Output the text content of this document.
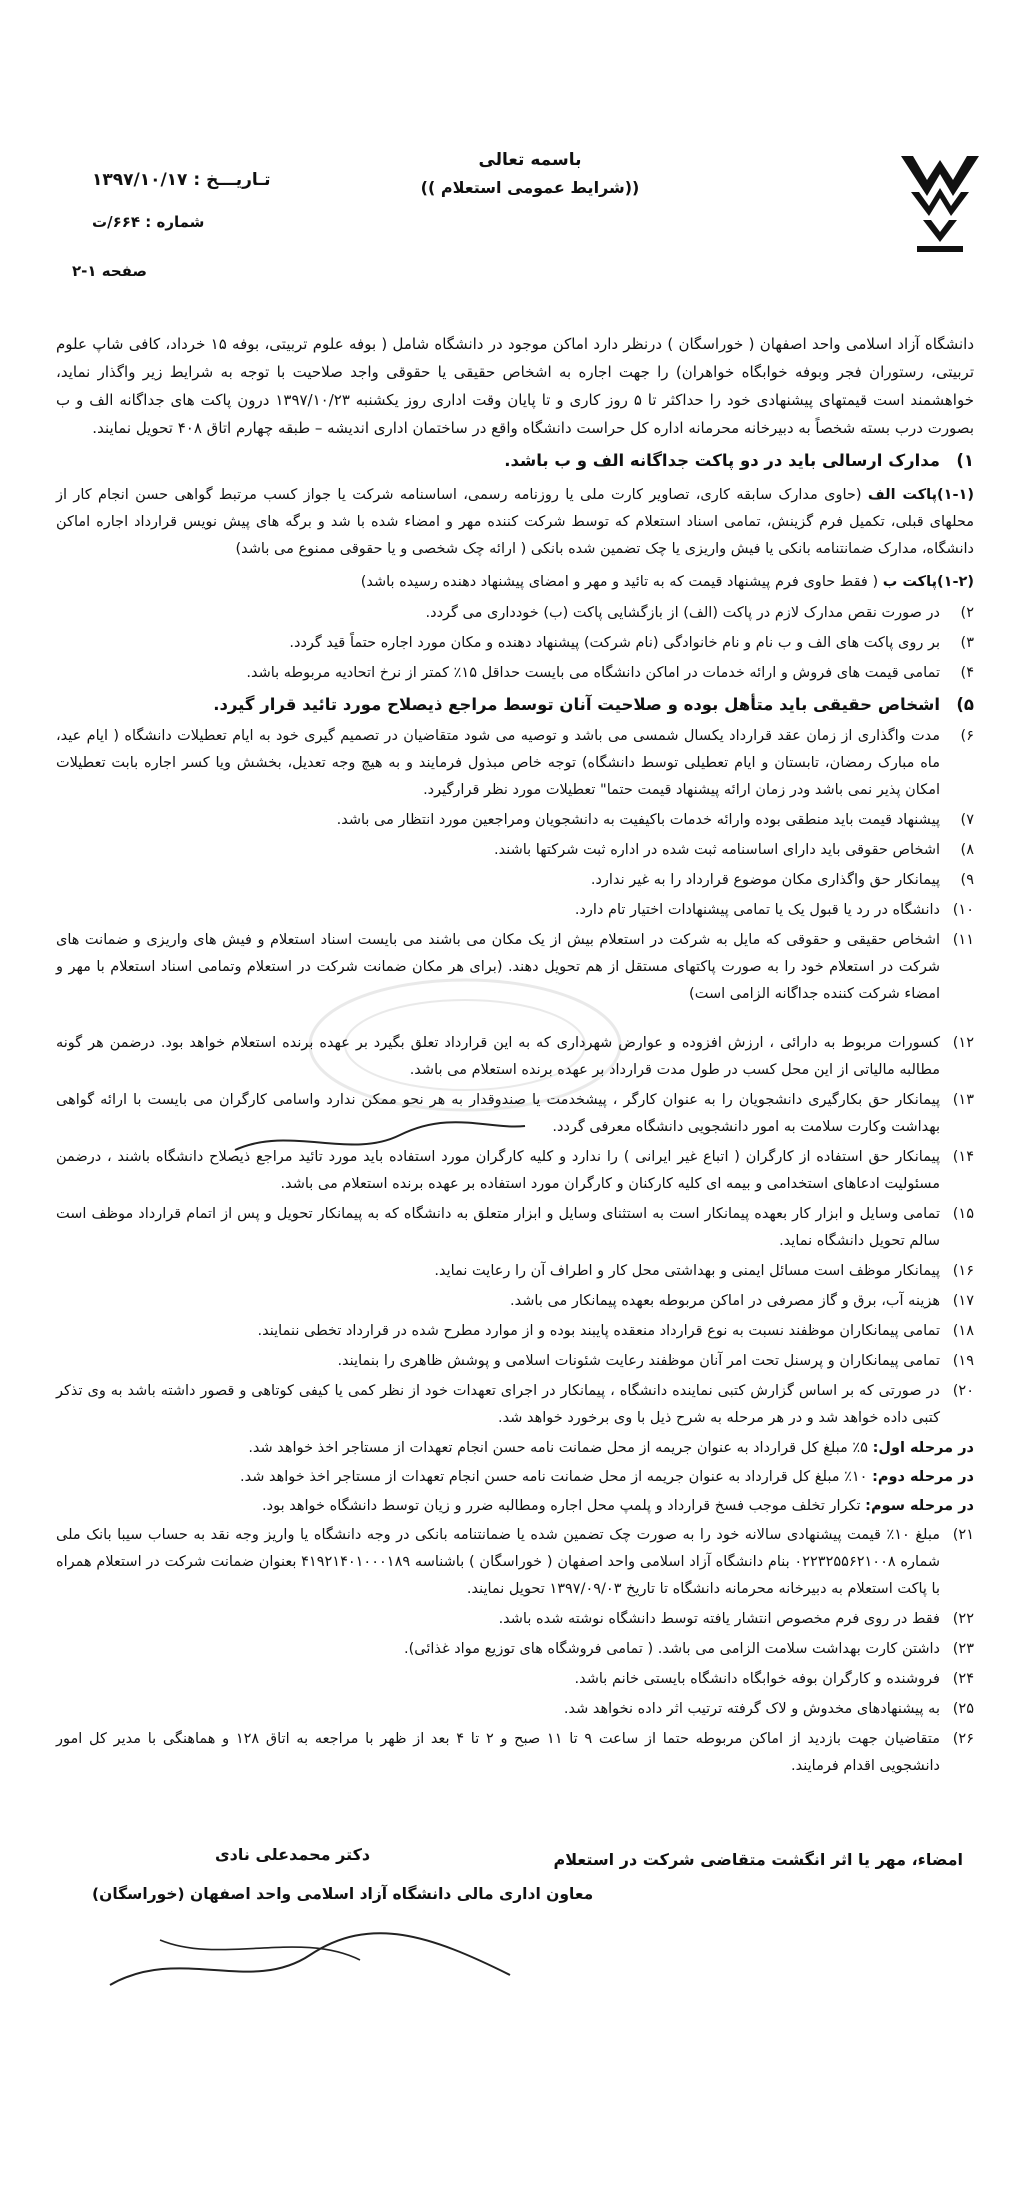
باسمه تعالی
(( شرایط عمومی استعلام))
تـاریـــخ : ۱۳۹۷/۱۰/۱۷
شماره : ۶۶۴/ت
صفحه ۱-۲

دانشگاه آزاد اسلامی واحد اصفهان ( خوراسگان ) درنظر دارد اماکن موجود در دانشگاه شامل ( بوفه علوم تربیتی، بوفه ۱۵ خرداد، کافی شاپ علوم تربیتی، رستوران فجر وبوفه خوابگاه خواهران) را جهت اجاره به اشخاص حقیقی یا حقوقی واجد صلاحیت با توجه به شرایط زیر واگذار نماید، خواهشمند است قیمتهای پیشنهادی خود را حداکثر تا ۵ روز کاری و تا پایان وقت اداری روز یکشنبه ۱۳۹۷/۱۰/۲۳ درون پاکت های جداگانه الف و ب بصورت درب بسته شخصاً به دبیرخانه محرمانه اداره کل حراست دانشگاه واقع در ساختمان اداری اندیشه – طبقه چهارم اتاق ۴۰۸ تحویل نمایند.

۱)
مدارک ارسالی باید در دو پاکت جداگانه الف و ب باشد.

(۱-۱)پاکت الف (حاوی مدارک سابقه کاری، تصاویر کارت ملی یا روزنامه رسمی، اساسنامه شرکت یا جواز کسب مرتبط گواهی حسن انجام کار از محلهای قبلی، تکمیل فرم گزینش، تمامی اسناد استعلام که توسط شرکت کننده مهر و امضاء شده با شد و برگه های پیش نویس قرارداد اجاره اماکن دانشگاه، مدارک ضمانتنامه بانکی یا فیش واریزی یا چک تضمین شده بانکی ( ارائه چک شخصی و یا حقوقی ممنوع می باشد)

(۱-۲)پاکت ب ( فقط حاوی فرم پیشنهاد قیمت که به تائید و مهر و امضای پیشنهاد دهنده رسیده باشد)

۲)
در صورت نقص مدارک لازم در پاکت (الف) از بازگشایی پاکت (ب) خودداری می گردد.
۳)
بر روی پاکت های الف و ب نام و نام خانوادگی (نام شرکت) پیشنهاد دهنده و مکان مورد اجاره حتماً قید گردد.
۴)
تمامی قیمت های فروش و ارائه خدمات در اماکن دانشگاه می بایست حداقل ۱۵٪ کمتر از نرخ اتحادیه مربوطه باشد.
۵)
اشخاص حقیقی باید متأهل بوده و صلاحیت آنان توسط مراجع ذیصلاح مورد تائید قرار گیرد.
۶)
مدت واگذاری از زمان عقد قرارداد یکسال شمسی می باشد و توصیه می شود متقاضیان در تصمیم گیری خود به ایام تعطیلات دانشگاه ( ایام عید، ماه مبارک رمضان، تابستان و ایام تعطیلی توسط دانشگاه) توجه خاص مبذول فرمایند و به هیچ وجه تعدیل، بخشش ویا کسر اجاره بابت تعطیلات امکان پذیر نمی باشد ودر زمان ارائه پیشنهاد قیمت حتما" تعطیلات مورد نظر قرارگیرد.
۷)
پیشنهاد قیمت باید منطقی بوده وارائه خدمات باکیفیت به دانشجویان ومراجعین مورد انتظار می باشد.
۸)
اشخاص حقوقی باید دارای اساسنامه ثبت شده در اداره ثبت شرکتها باشند.
۹)
پیمانکار حق واگذاری مکان موضوع قرارداد را به غیر ندارد.
۱۰)
دانشگاه در رد یا قبول یک یا تمامی پیشنهادات اختیار تام دارد.
۱۱)
اشخاص حقیقی و حقوقی که مایل به شرکت در استعلام بیش از یک مکان می باشند می بایست اسناد استعلام و فیش های واریزی و ضمانت های شرکت در استعلام خود را به صورت پاکتهای مستقل از هم تحویل دهند. (برای هر مکان ضمانت شرکت در استعلام وتمامی اسناد استعلام با مهر و امضاء شرکت کننده جداگانه الزامی است)
۱۲)
کسورات مربوط به دارائی ، ارزش افزوده و عوارض شهرداری که به این قرارداد تعلق بگیرد بر عهده برنده استعلام خواهد بود. درضمن هر گونه مطالبه مالیاتی از این محل کسب در طول مدت قرارداد بر عهده برنده استعلام می باشد.
۱۳)
پیمانکار حق بکارگیری دانشجویان را به عنوان کارگر ، پیشخدمت یا صندوقدار به هر نحو ممکن ندارد واسامی کارگران می بایست با ارائه گواهی بهداشت وکارت سلامت به امور دانشجویی دانشگاه معرفی گردد.
۱۴)
پیمانکار حق استفاده از کارگران ( اتباع غیر ایرانی ) را ندارد و کلیه کارگران مورد استفاده باید مورد تائید مراجع ذیصلاح دانشگاه باشند ، درضمن مسئولیت ادعاهای استخدامی و بیمه ای کلیه کارکنان و کارگران مورد استفاده بر عهده برنده استعلام می باشد.
۱۵)
تمامی وسایل و ابزار کار بعهده پیمانکار است به استثنای وسایل و ابزار متعلق به دانشگاه که به پیمانکار تحویل و پس از اتمام قرارداد موظف است سالم تحویل دانشگاه نماید.
۱۶)
پیمانکار موظف است مسائل ایمنی و بهداشتی محل کار و اطراف آن را رعایت نماید.
۱۷)
هزینه آب، برق و گاز مصرفی در اماکن مربوطه بعهده پیمانکار می باشد.
۱۸)
تمامی پیمانکاران موظفند نسبت به نوع قرارداد منعقده پایبند بوده و از موارد مطرح شده در قرارداد تخطی ننمایند.
۱۹)
تمامی پیمانکاران و پرسنل تحت امر آنان موظفند رعایت شئونات اسلامی و پوشش ظاهری را بنمایند.
۲۰)
در صورتی که بر اساس گزارش کتبی نماینده دانشگاه ، پیمانکار در اجرای تعهدات خود از نظر کمی یا کیفی کوتاهی و قصور داشته باشد به وی تذکر کتبی داده خواهد شد و در هر مرحله به شرح ذیل با وی برخورد خواهد شد.

در مرحله اول: ۵٪ مبلغ کل قرارداد به عنوان جریمه از محل ضمانت نامه حسن انجام تعهدات از مستاجر اخذ خواهد شد.

در مرحله دوم: ۱۰٪ مبلغ کل قرارداد به عنوان جریمه از محل ضمانت نامه حسن انجام تعهدات از مستاجر اخذ خواهد شد.

در مرحله سوم: تکرار تخلف موجب فسخ قرارداد و پلمپ محل اجاره ومطالبه ضرر و زیان توسط دانشگاه خواهد بود.

۲۱)
مبلغ ۱۰٪ قیمت پیشنهادی سالانه خود را به صورت چک تضمین شده یا ضمانتنامه بانکی در وجه دانشگاه یا واریز وجه نقد به حساب سیبا بانک ملی شماره ۰۲۲۳۲۵۵۶۲۱۰۰۸ بنام دانشگاه آزاد اسلامی واحد اصفهان ( خوراسگان ) باشناسه ۴۱۹۲۱۴۰۱۰۰۰۱۸۹ بعنوان ضمانت شرکت در استعلام همراه با پاکت استعلام به دبیرخانه محرمانه دانشگاه تا تاریخ ۱۳۹۷/۰۹/۰۳ تحویل نمایند.
۲۲)
فقط در روی فرم مخصوص انتشار یافته توسط دانشگاه نوشته شده باشد.
۲۳)
داشتن کارت بهداشت سلامت الزامی می باشد. ( تمامی فروشگاه های توزیع مواد غذائی).
۲۴)
فروشنده و کارگران بوفه خوابگاه دانشگاه بایستی خانم باشد.
۲۵)
به پیشنهادهای مخدوش و لاک گرفته ترتیب اثر داده نخواهد شد.
۲۶)
متقاضیان جهت بازدید از اماکن مربوطه حتما از ساعت ۹ تا ۱۱ صبح و ۲ تا ۴ بعد از ظهر با مراجعه به اتاق ۱۲۸ و هماهنگی با مدیر کل امور دانشجویی اقدام فرمایند.
امضاء، مهر یا اثر انگشت متقاضی شرکت در استعلام
دکتر محمدعلی نادی
معاون اداری مالی دانشگاه آزاد اسلامی واحد اصفهان (خوراسگان)
